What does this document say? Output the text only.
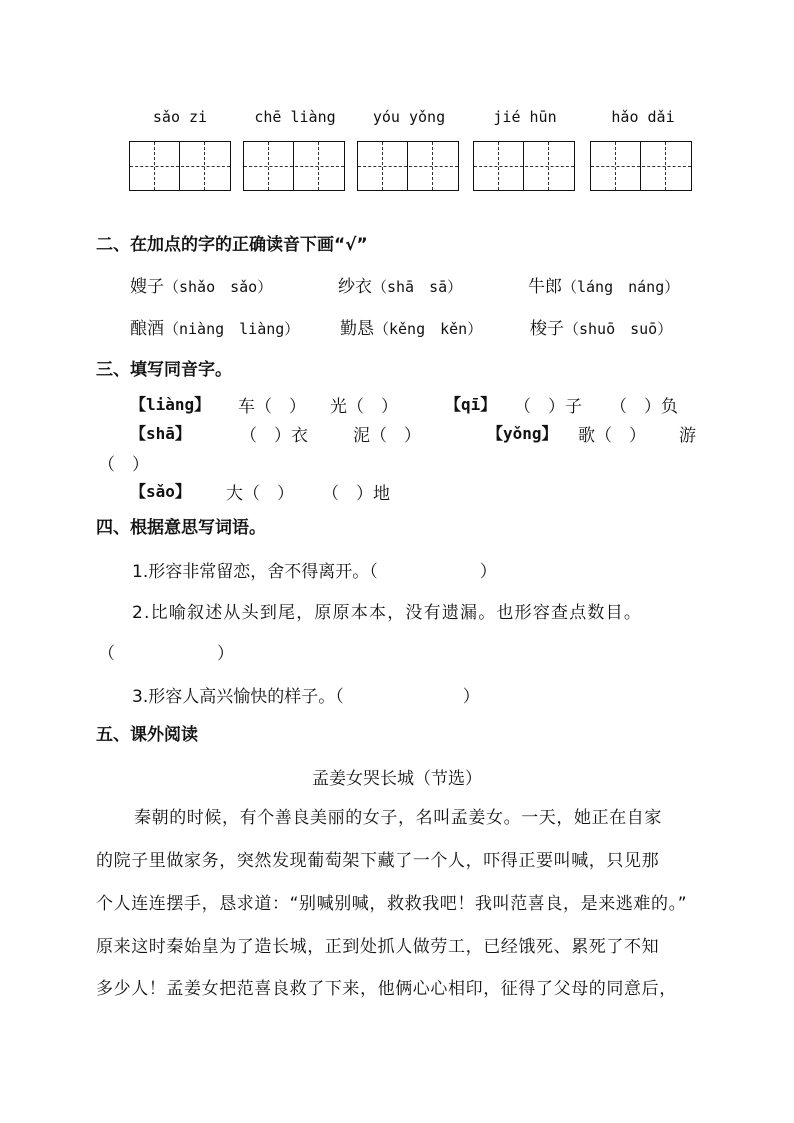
sǎo zi	chē liàng	yóu yǒng	jié hūn	hǎo dǎi
二、在加点的字的正确读音下画“√”
嫂子（shǎo　sǎo）	纱衣（shā　sā）	牛郎（láng　náng）
酿酒（niàng　liàng） 勤恳（kěng　kěn）	梭子（shuō　suō）
三、填写同音字。
【liàng】 车（　） 光（　）	【qī】 （　）子 （　）负
【shā】	（　）衣	泥（　）	【yǒng】 歌（　） 游
（　）
【sǎo】 大（　） （　）地
四、根据意思写词语。
1.形容非常留恋，舍不得离开。（　　　　　　）
2.比喻叙述从头到尾，原原本本，没有遗漏。也形容查点数目。
（　　　　　　）
3.形容人高兴愉快的样子。（　　　　　　　）
五、课外阅读
孟姜女哭长城（节选）
秦朝的时候，有个善良美丽的女子，名叫孟姜女。一天，她正在自家
的院子里做家务，突然发现葡萄架下藏了一个人，吓得正要叫喊，只见那
个人连连摆手，恳求道：“别喊别喊，救救我吧！我叫范喜良，是来逃难的。”
原来这时秦始皇为了造长城，正到处抓人做劳工，已经饿死、累死了不知
多少人！孟姜女把范喜良救了下来，他俩心心相印，征得了父母的同意后，
